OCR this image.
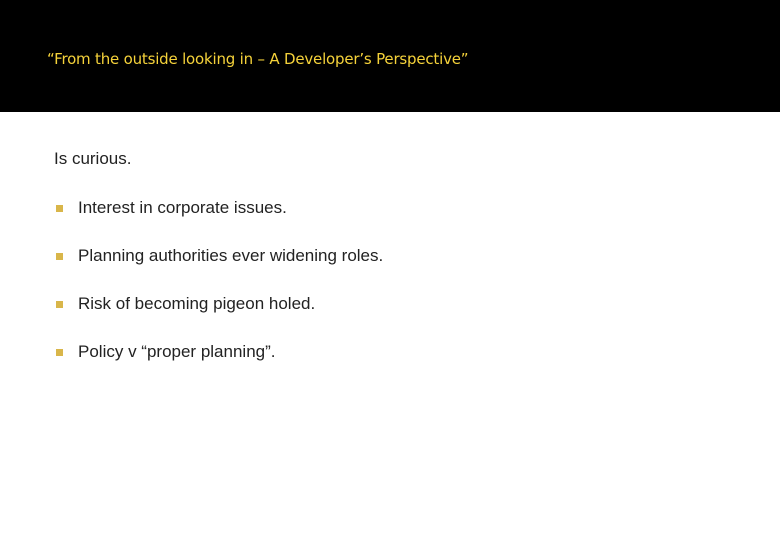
“From the outside looking in – A Developer’s Perspective”

Is curious.

Interest in corporate issues.
Planning authorities ever widening roles.
Risk of becoming pigeon holed.
Policy v “proper planning”.
